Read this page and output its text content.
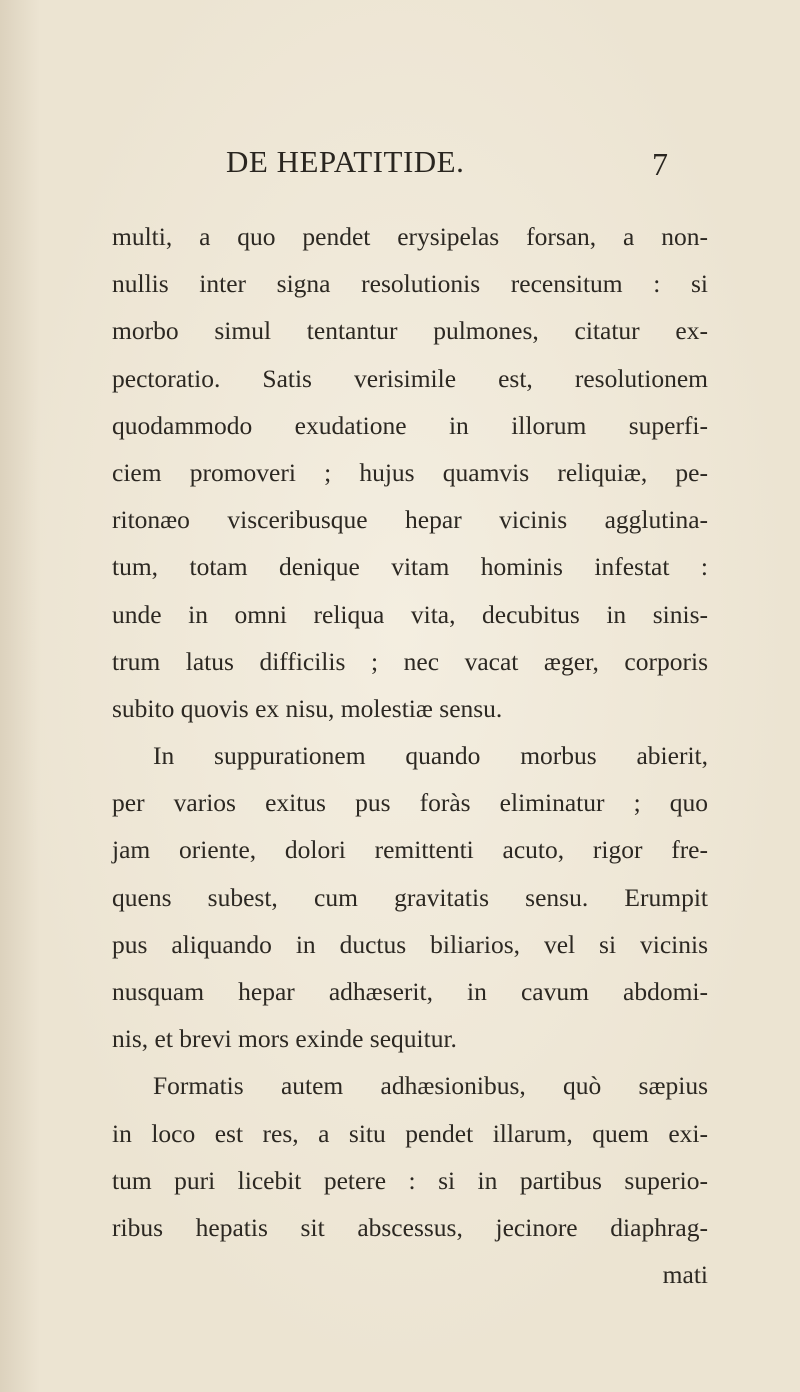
DE HEPATITIDE.	7
multi, a quo pendet erysipelas forsan, a non-
nullis inter signa resolutionis recensitum : si
morbo simul tentantur pulmones, citatur ex-
pectoratio. Satis verisimile est, resolutionem
quodammodo exudatione in illorum superfi-
ciem promoveri ; hujus quamvis reliquiæ, pe-
ritonæo visceribusque hepar vicinis agglutina-
tum, totam denique vitam hominis infestat :
unde in omni reliqua vita, decubitus in sinis-
trum latus difficilis ; nec vacat æger, corporis
subito quovis ex nisu, molestiæ sensu.
In suppurationem quando morbus abierit,
per varios exitus pus foràs eliminatur ; quo
jam oriente, dolori remittenti acuto, rigor fre-
quens subest, cum gravitatis sensu. Erumpit
pus aliquando in ductus biliarios, vel si vicinis
nusquam hepar adhæserit, in cavum abdomi-
nis, et brevi mors exinde sequitur.
Formatis autem adhæsionibus, quò sæpius
in loco est res, a situ pendet illarum, quem exi-
tum puri licebit petere : si in partibus superio-
ribus hepatis sit abscessus, jecinore diaphrag-
mati
